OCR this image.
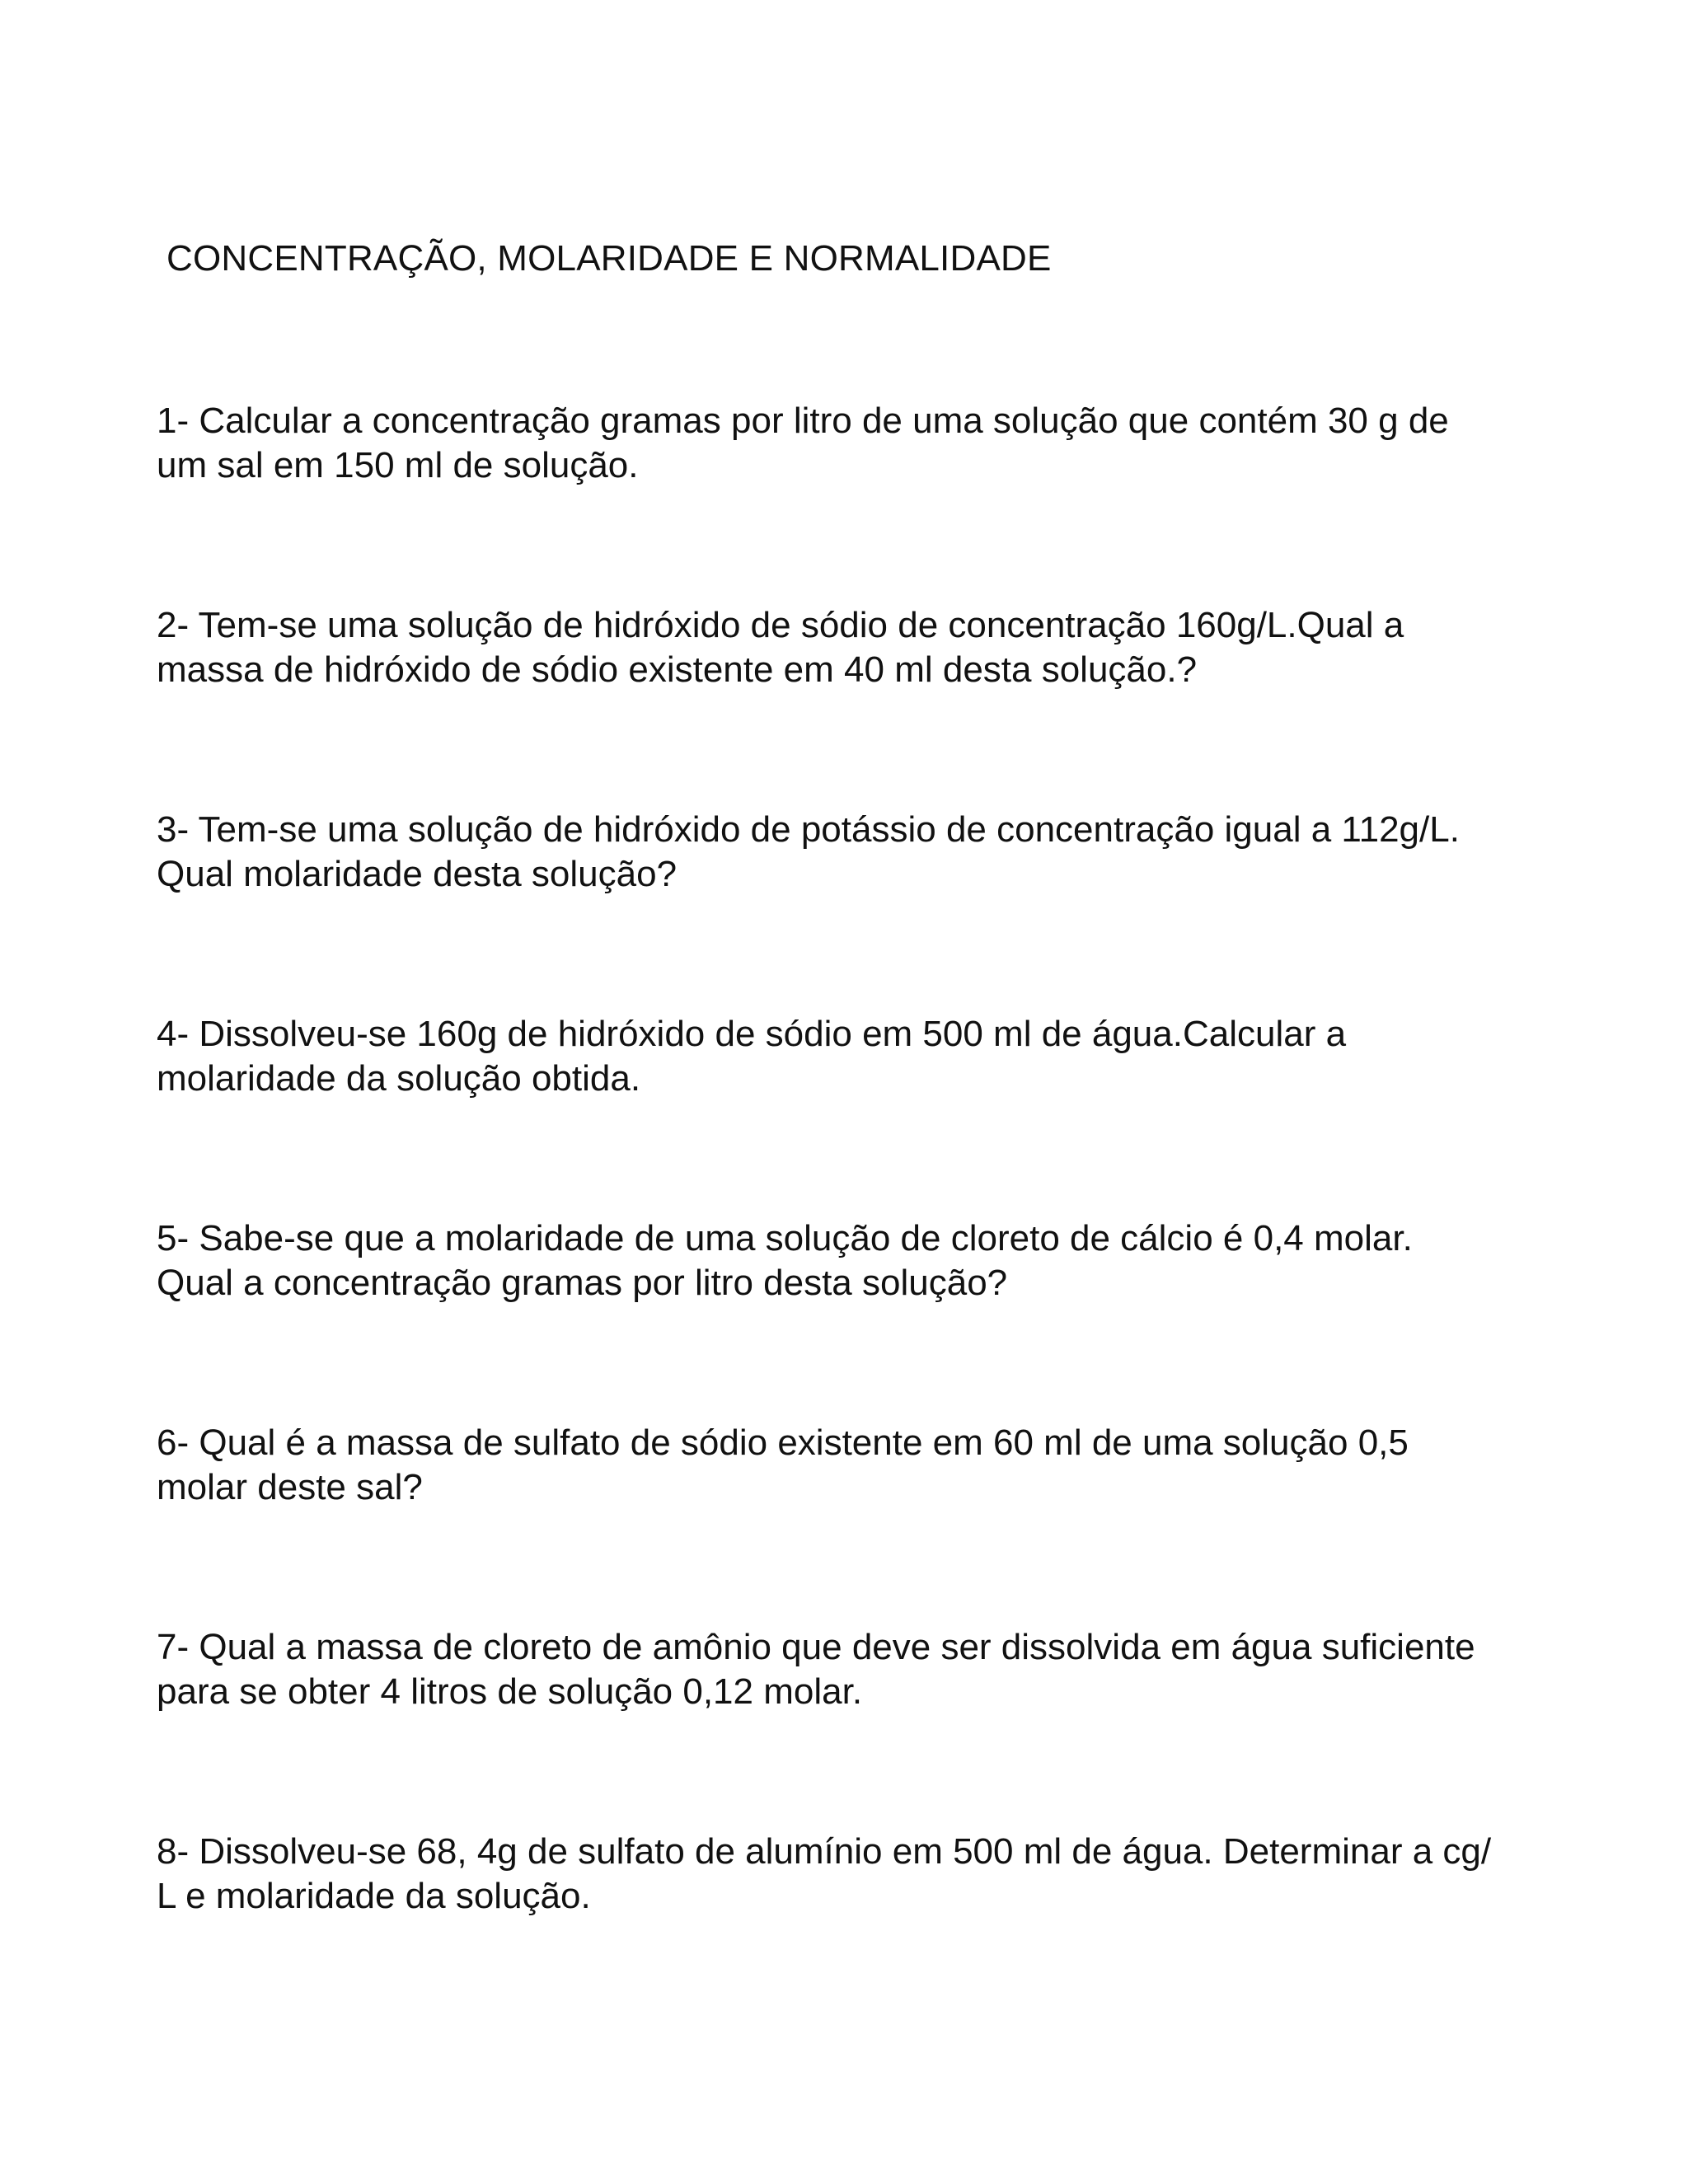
CONCENTRAÇÃO, MOLARIDADE E NORMALIDADE

1- Calcular a concentração gramas por litro de uma solução que contém 30 g de
um sal em 150 ml de solução.

2- Tem-se uma solução de hidróxido de sódio de concentração 160g/L.Qual a
massa de hidróxido de sódio existente em 40 ml desta solução.?

3- Tem-se uma solução de hidróxido de potássio de concentração igual a 112g/L.
Qual molaridade desta solução?

4- Dissolveu-se 160g de hidróxido de sódio em 500 ml de água.Calcular a
molaridade da solução obtida.

5- Sabe-se que a molaridade de uma solução de cloreto de cálcio é 0,4 molar.
Qual a concentração gramas por litro desta solução?

6- Qual é a massa de sulfato de sódio existente em 60 ml de uma solução 0,5
molar deste sal?

7- Qual a massa de cloreto de amônio que deve ser dissolvida em água suficiente
para se obter 4 litros de solução 0,12 molar.

8- Dissolveu-se 68, 4g de sulfato de alumínio em 500 ml de água. Determinar a cg/
L e molaridade da solução.
